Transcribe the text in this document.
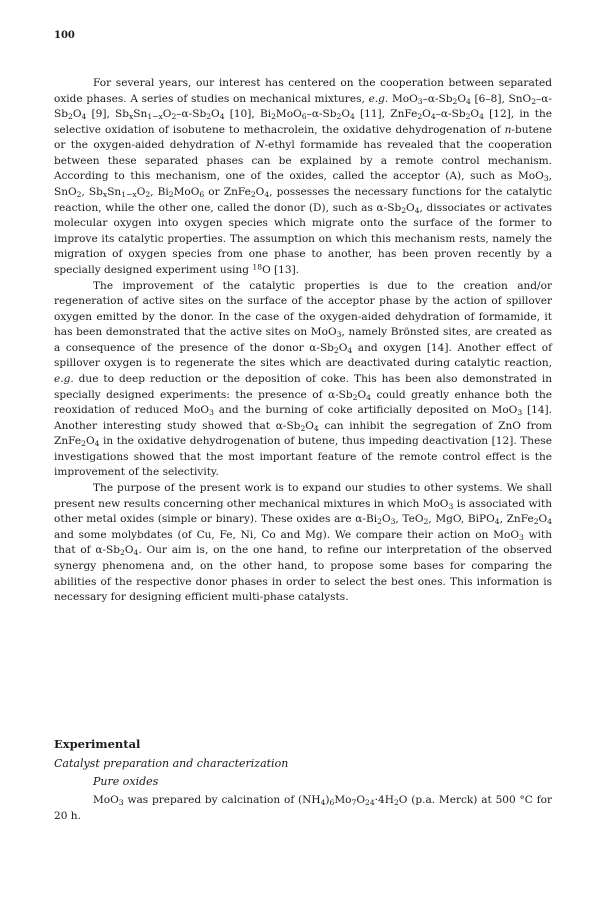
100

For several years, our interest has centered on the cooperation between separated oxide phases. A series of studies on mechanical mixtures, e.g. $MoO_3-\alpha-Sb_2O_4$ [6–8], $SnO_2-\alpha-Sb_2O_4$ [9], $Sb_xSn_{1-x}O_2-\alpha-Sb_2O_4$ [10], $Bi_2MoO_6-\alpha-Sb_2O_4$ [11], $ZnFe_2O_4-\alpha-Sb_2O_4$ [12], in the selective oxidation of isobutene to methacrolein, the oxidative dehydrogenation of n-butene or the oxygen-aided dehydration of N-ethyl formamide has revealed that the cooperation between these separated phases can be explained by a remote control mechanism. According to this mechanism, one of the oxides, called the acceptor (A), such as MoO$_3$, SnO$_2$, $Sb_xSn_{1-x}O_2$, $Bi_2MoO_6$ or $ZnFe_2O_4$, possesses the necessary functions for the catalytic reaction, while the other one, called the donor (D), such as $\alpha-Sb_2O_4$, dissociates or activates molecular oxygen into oxygen species which migrate onto the surface of the former to improve its catalytic properties. The assumption on which this mechanism rests, namely the migration of oxygen species from one phase to another, has been proven recently by a specially designed experiment using $^{18}$O [13].

The improvement of the catalytic properties is due to the creation and/or regeneration of active sites on the surface of the acceptor phase by the action of spillover oxygen emitted by the donor. In the case of the oxygen-aided dehydration of formamide, it has been demonstrated that the active sites on MoO$_3$, namely Brönsted sites, are created as a consequence of the presence of the donor $\alpha-Sb_2O_4$ and oxygen [14]. Another effect of spillover oxygen is to regenerate the sites which are deactivated during catalytic reaction, e.g. due to deep reduction or the deposition of coke. This has been also demonstrated in specially designed experiments: the presence of $\alpha-Sb_2O_4$ could greatly enhance both the reoxidation of reduced MoO$_3$ and the burning of coke artificially deposited on MoO$_3$ [14]. Another interesting study showed that $\alpha-Sb_2O_4$ can inhibit the segregation of ZnO from $ZnFe_2O_4$ in the oxidative dehydrogenation of butene, thus impeding deactivation [12]. These investigations showed that the most important feature of the remote control effect is the improvement of the selectivity.

The purpose of the present work is to expand our studies to other systems. We shall present new results concerning other mechanical mixtures in which MoO$_3$ is associated with other metal oxides (simple or binary). These oxides are $\alpha-Bi_2O_3$, TeO$_2$, MgO, BiPO$_4$, $ZnFe_2O_4$ and some molybdates (of Cu, Fe, Ni, Co and Mg). We compare their action on MoO$_3$ with that of $\alpha-Sb_2O_4$. Our aim is, on the one hand, to refine our interpretation of the observed synergy phenomena and, on the other hand, to propose some bases for comparing the abilities of the respective donor phases in order to select the best ones. This information is necessary for designing efficient multi-phase catalysts.

Experimental
Catalyst preparation and characterization
Pure oxides

MoO$_3$ was prepared by calcination of $(NH_4)_6Mo_7O_{24}\cdot 4H_2O$ (p.a. Merck) at 500 °C for 20 h.
